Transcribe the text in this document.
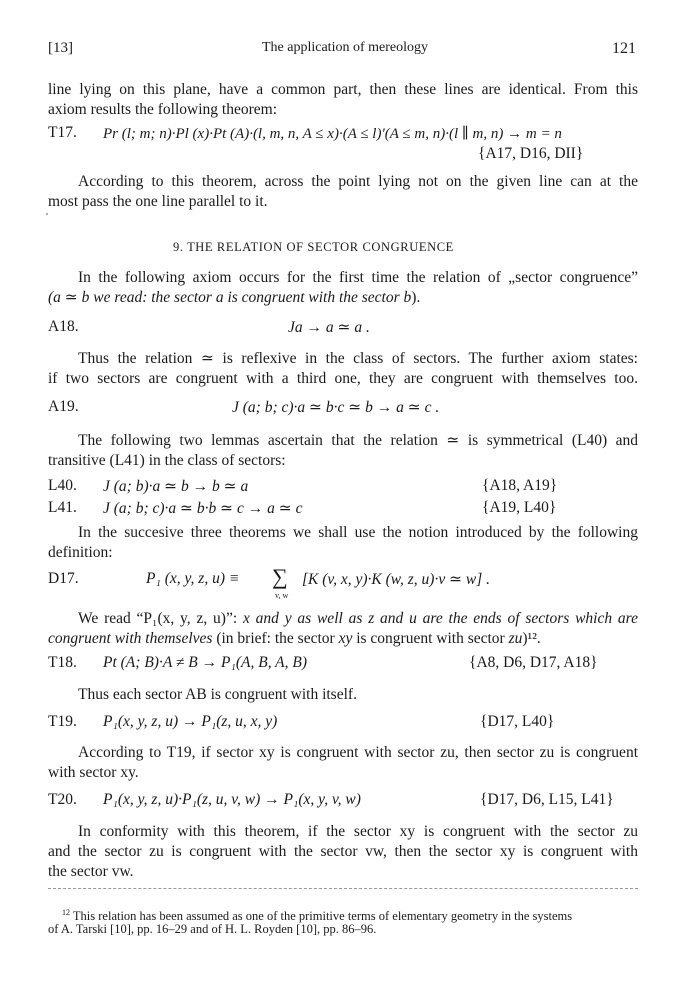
[13]	The application of mereology	121
line lying on this plane, have a common part, then these lines are identical. From this
axiom results the following theorem:
T17. Pr (l; m; n)·Pl (x)·Pt (A)·(l, m, n, A ≤ x)·(A ≤ l)′(A ≤ m, n)·(l ∥ m, n) → m = n
{A17, D16, DII}
According to this theorem, across the point lying not on the given line can at the
most pass the one line parallel to it.
9. THE RELATION OF SECTOR CONGRUENCE
In the following axiom occurs for the first time the relation of „sector congruence”
(a ≃ b we read: the sector a is congruent with the sector b).
A18.	Ja → a ≃ a .
Thus the relation ≃ is reflexive in the class of sectors. The further axiom states:
if two sectors are congruent with a third one, they are congruent with themselves too.
A19.	J (a; b; c)·a ≃ b·c ≃ b → a ≃ c .
The following two lemmas ascertain that the relation ≃ is symmetrical (L40) and
transitive (L41) in the class of sectors:
L40. J (a; b)·a ≃ b → b ≃ a	{A18, A19}
L41. J (a; b; c)·a ≃ b·b ≃ c → a ≃ c	{A19, L40}
In the succesive three theorems we shall use the notion introduced by the following
definition:
D17.	P₁ (x, y, z, u) ≡ ∑
v, w
[K (v, x, y)·K (w, z, u)·v ≃ w] .
We read “P₁(x, y, z, u)”: x and y as well as z and u are the ends of sectors which are
congruent with themselves (in brief: the sector xy is congruent with sector zu)¹².
T18. Pt (A; B)·A ≠ B → P₁(A, B, A, B)	{A8, D6, D17, A18}
Thus each sector AB is congruent with itself.
T19. P₁(x, y, z, u) → P₁(z, u, x, y)	{D17, L40}
According to T19, if sector xy is congruent with sector zu, then sector zu is congruent
with sector xy.
T20. P₁(x, y, z, u)·P₁(z, u, v, w) → P₁(x, y, v, w)	{D17, D6, L15, L41}
In conformity with this theorem, if the sector xy is congruent with the sector zu
and the sector zu is congruent with the sector vw, then the sector xy is congruent with
the sector vw.
$^{12}$ This relation has been assumed as one of the primitive terms of elementary geometry in the systems
of A. Tarski [10], pp. 16–29 and of H. L. Royden [10], pp. 86–96.
